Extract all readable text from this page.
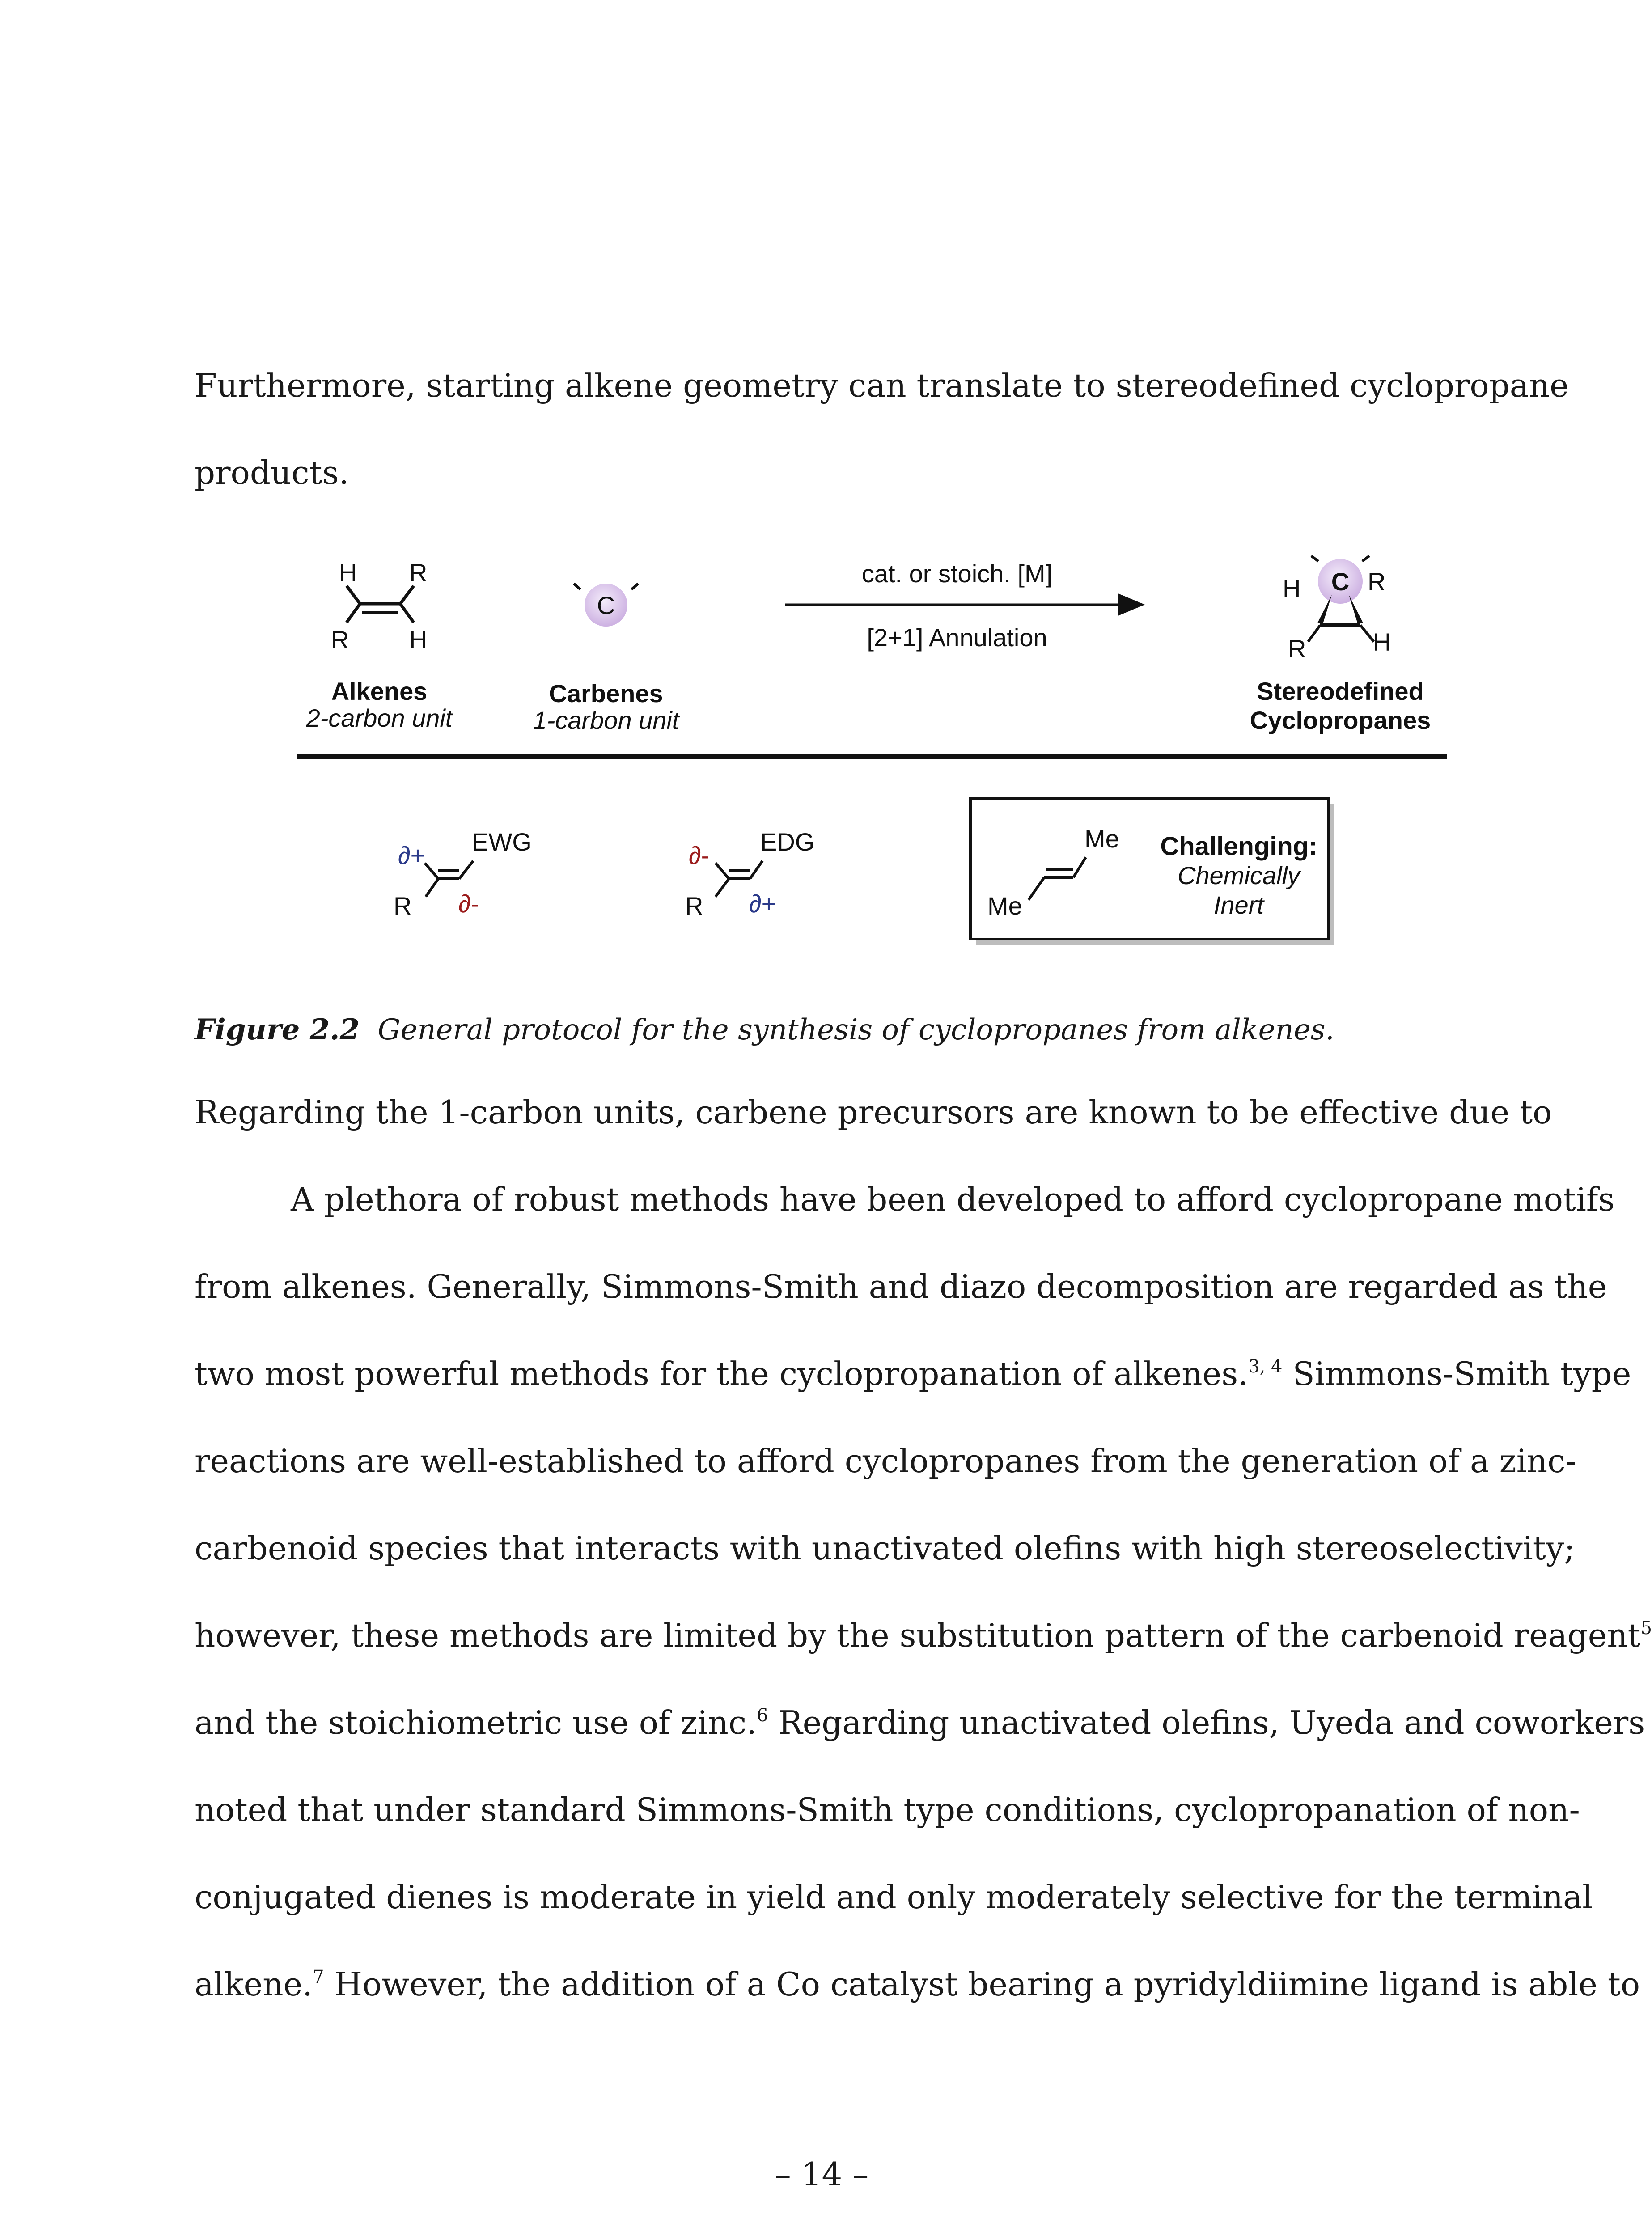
Furthermore, starting alkene geometry can translate to stereodefined cyclopropane
products.
H R
R H
Alkenes
2-carbon unit
C
Carbenes
1-carbon unit
cat. or stoich. [M]
[2+1] Annulation
H C R
R	H
Stereodefined
Cyclopropanes
EWG
∂+
R ∂-
EDG
∂-
R ∂+
Me
Me
Challenging:
Chemically
Inert
Figure 2.2 General protocol for the synthesis of cyclopropanes from alkenes.
Regarding the 1-carbon units, carbene precursors are known to be effective due to
A plethora of robust methods have been developed to afford cyclopropane motifs
from alkenes. Generally, Simmons-Smith and diazo decomposition are regarded as the
two most powerful methods for the cyclopropanation of alkenes.$^{3, 4}$ Simmons-Smith type
reactions are well-established to afford cyclopropanes from the generation of a zinc-
carbenoid species that interacts with unactivated olefins with high stereoselectivity;
however, these methods are limited by the substitution pattern of the carbenoid reagent$^5$
and the stoichiometric use of zinc.$^6$ Regarding unactivated olefins, Uyeda and coworkers
noted that under standard Simmons-Smith type conditions, cyclopropanation of non-
conjugated dienes is moderate in yield and only moderately selective for the terminal
alkene.$^7$ However, the addition of a Co catalyst bearing a pyridyldiimine ligand is able to
– 14 –
